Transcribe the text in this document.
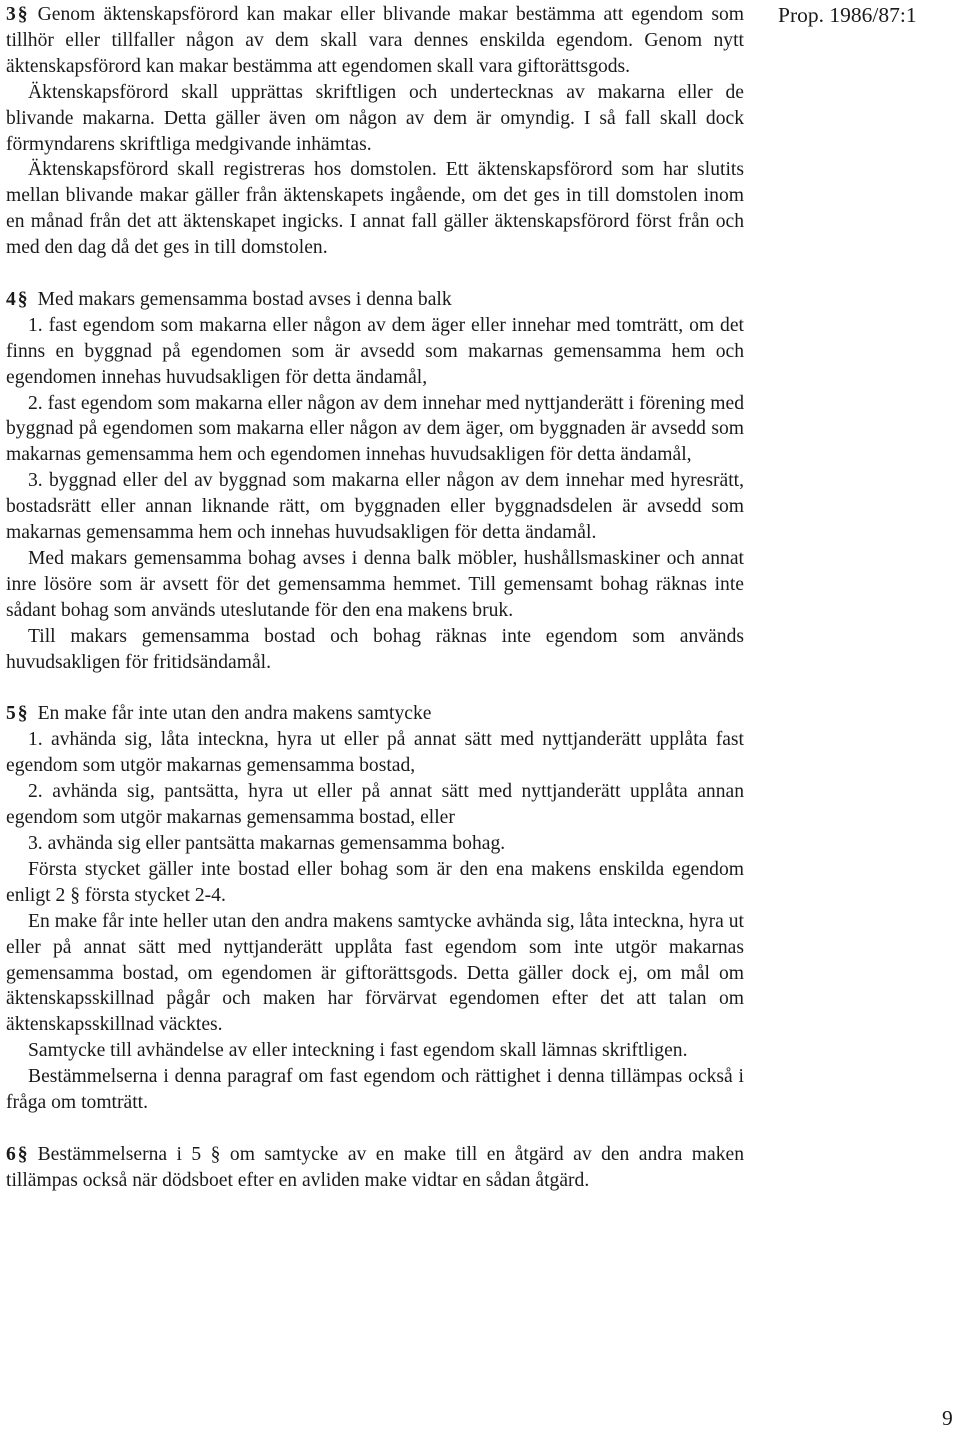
Prop. 1986/87:1

3 § Genom äktenskapsförord kan makar eller blivande makar bestämma att egendom som tillhör eller tillfaller någon av dem skall vara dennes enskilda egendom. Genom nytt äktenskapsförord kan makar bestämma att egendomen skall vara giftorättsgods.

Äktenskapsförord skall upprättas skriftligen och undertecknas av makarna eller de blivande makarna. Detta gäller även om någon av dem är omyndig. I så fall skall dock förmyndarens skriftliga medgivande inhämtas.

Äktenskapsförord skall registreras hos domstolen. Ett äktenskapsförord som har slutits mellan blivande makar gäller från äktenskapets ingående, om det ges in till domstolen inom en månad från det att äktenskapet ingicks. I annat fall gäller äktenskapsförord först från och med den dag då det ges in till domstolen.

4 § Med makars gemensamma bostad avses i denna balk

1. fast egendom som makarna eller någon av dem äger eller innehar med tomträtt, om det finns en byggnad på egendomen som är avsedd som makarnas gemensamma hem och egendomen innehas huvudsakligen för detta ändamål,

2. fast egendom som makarna eller någon av dem innehar med nyttjanderätt i förening med byggnad på egendomen som makarna eller någon av dem äger, om byggnaden är avsedd som makarnas gemensamma hem och egendomen innehas huvudsakligen för detta ändamål,

3. byggnad eller del av byggnad som makarna eller någon av dem innehar med hyresrätt, bostadsrätt eller annan liknande rätt, om byggnaden eller byggnadsdelen är avsedd som makarnas gemensamma hem och innehas huvudsakligen för detta ändamål.

Med makars gemensamma bohag avses i denna balk möbler, hushållsmaskiner och annat inre lösöre som är avsett för det gemensamma hemmet. Till gemensamt bohag räknas inte sådant bohag som används uteslutande för den ena makens bruk.

Till makars gemensamma bostad och bohag räknas inte egendom som används huvudsakligen för fritidsändamål.

5 § En make får inte utan den andra makens samtycke

1. avhända sig, låta inteckna, hyra ut eller på annat sätt med nyttjanderätt upplåta fast egendom som utgör makarnas gemensamma bostad,

2. avhända sig, pantsätta, hyra ut eller på annat sätt med nyttjanderätt upplåta annan egendom som utgör makarnas gemensamma bostad, eller

3. avhända sig eller pantsätta makarnas gemensamma bohag.

Första stycket gäller inte bostad eller bohag som är den ena makens enskilda egendom enligt 2 § första stycket 2-4.

En make får inte heller utan den andra makens samtycke avhända sig, låta inteckna, hyra ut eller på annat sätt med nyttjanderätt upplåta fast egendom som inte utgör makarnas gemensamma bostad, om egendomen är giftorättsgods. Detta gäller dock ej, om mål om äktenskapsskillnad pågår och maken har förvärvat egendomen efter det att talan om äktenskapsskillnad väcktes.

Samtycke till avhändelse av eller inteckning i fast egendom skall lämnas skriftligen.

Bestämmelserna i denna paragraf om fast egendom och rättighet i denna tillämpas också i fråga om tomträtt.

6 § Bestämmelserna i 5 § om samtycke av en make till en åtgärd av den andra maken tillämpas också när dödsboet efter en avliden make vidtar en sådan åtgärd.

9
